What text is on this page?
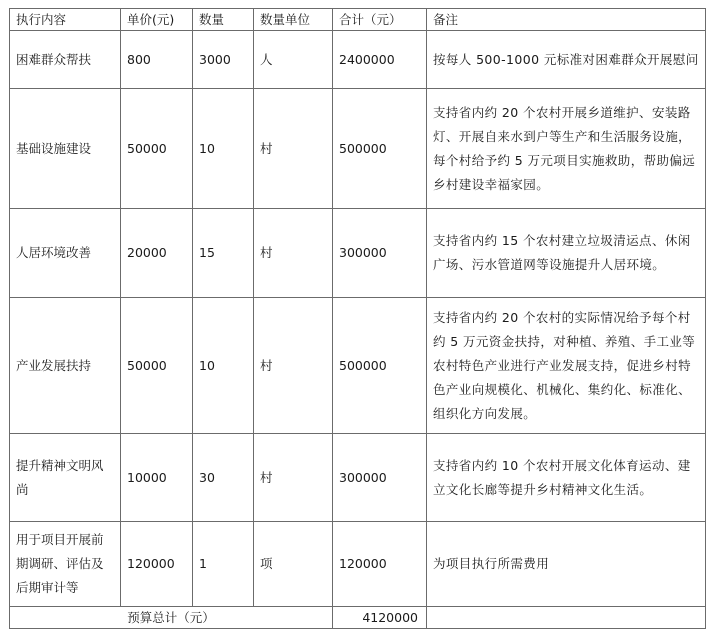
执行内容	单价(元)	数量	数量单位	合计（元）	备注
困难群众帮扶	800	3000	人	2400000	按每人 500-1000 元标准对困难群众开展慰问
基础设施建设	50000	10	村	500000	支持省内约 20 个农村开展乡道维护、安装路灯、开展自来水到户等生产和生活服务设施，每个村给予约 5 万元项目实施救助，帮助偏远乡村建设幸福家园。
人居环境改善	20000	15	村	300000	支持省内约 15 个农村建立垃圾清运点、休闲广场、污水管道网等设施提升人居环境。
产业发展扶持	50000	10	村	500000	支持省内约 20 个农村的实际情况给予每个村约 5 万元资金扶持，对种植、养殖、手工业等农村特色产业进行产业发展支持，促进乡村特色产业向规模化、机械化、集约化、标准化、组织化方向发展。
提升精神文明风尚	10000	30	村	300000	支持省内约 10 个农村开展文化体育运动、建立文化长廊等提升乡村精神文化生活。
用于项目开展前期调研、评估及后期审计等	120000	1	项	120000	为项目执行所需费用
预算总计（元）				4120000	
